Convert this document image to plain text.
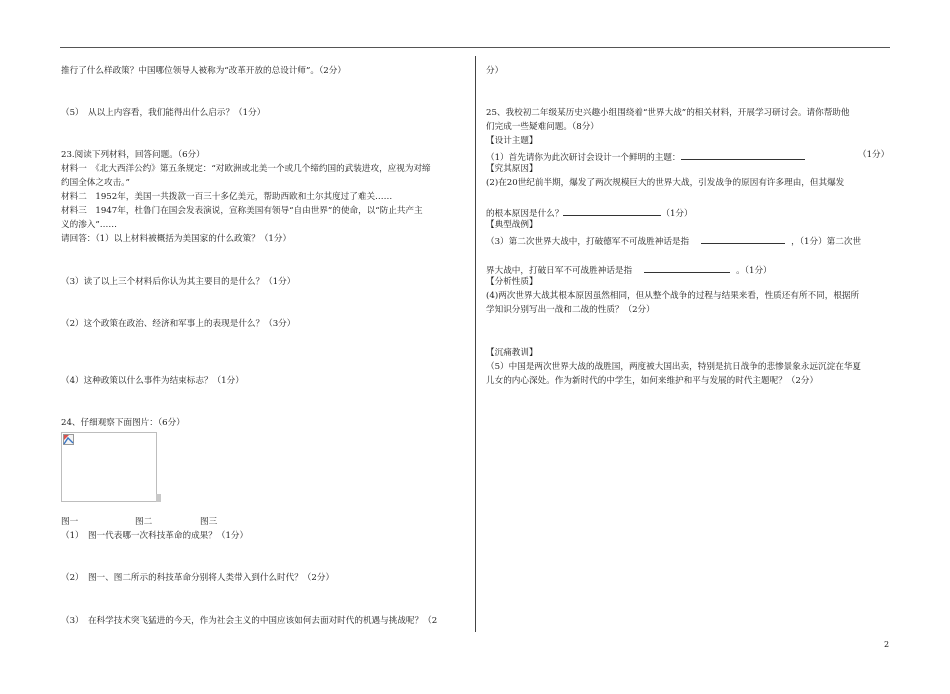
推行了什么样政策？中国哪位领导人被称为“改革开放的总设计师”。（2分）
（5）　从以上内容看，我们能得出什么启示？（1分）
23.阅读下列材料，回答问题。（6分）
材料一　《北大西洋公约》第五条规定：“对欧洲或北美一个或几个缔约国的武装进攻，应视为对缔
约国全体之攻击。”
材料二　1952年，美国一共拨款一百三十多亿美元，帮助西欧和土尔其度过了难关……
材料三　1947年，杜鲁门在国会发表演说，宣称美国有领导“自由世界”的使命，以“防止共产主
义的渗入”……
请回答：（1）以上材料被概括为美国家的什么政策？（1分）
（3）读了以上三个材料后你认为其主要目的是什么？（1分）
（2）这个政策在政治、经济和军事上的表现是什么？（3分）
（4）这种政策以什么事件为结束标志？（1分）
24、仔细观察下面图片：（6分）
图一	图二	图三
（1）　图一代表哪一次科技革命的成果？（1分）
（2）　图一、图二所示的科技革命分别将人类带入到什么时代？（2分）
（3）　在科学技术突飞猛进的今天，作为社会主义的中国应该如何去面对时代的机遇与挑战呢？（2
分）
25、我校初二年级某历史兴趣小组围绕着“世界大战”的相关材料，开展学习研讨会。请你帮助他
们完成一些疑难问题。（8分）
【设计主题】
（1）首先请你为此次研讨会设计一个鲜明的主题：	（1分）
【究其原因】
(2)在20世纪前半期，爆发了两次规模巨大的世界大战，引发战争的原因有许多理由，但其爆发
的根本原因是什么？	（1分）
【典型战例】
（3）第二次世界大战中，打破德军不可战胜神话是指	，（1分）第二次世
界大战中，打破日军不可战胜神话是指	。（1分）
【分析性质】
(4)两次世界大战其根本原因虽然相同，但从整个战争的过程与结果来看，性质还有所不同，根据所
学知识分别写出一战和二战的性质？（2分）
【沉痛教训】
（5）中国是两次世界大战的战胜国，两度被大国出卖，特别是抗日战争的悲惨景象永远沉淀在华夏
儿女的内心深处。作为新时代的中学生，如何来维护和平与发展的时代主题呢？（2分）
2
